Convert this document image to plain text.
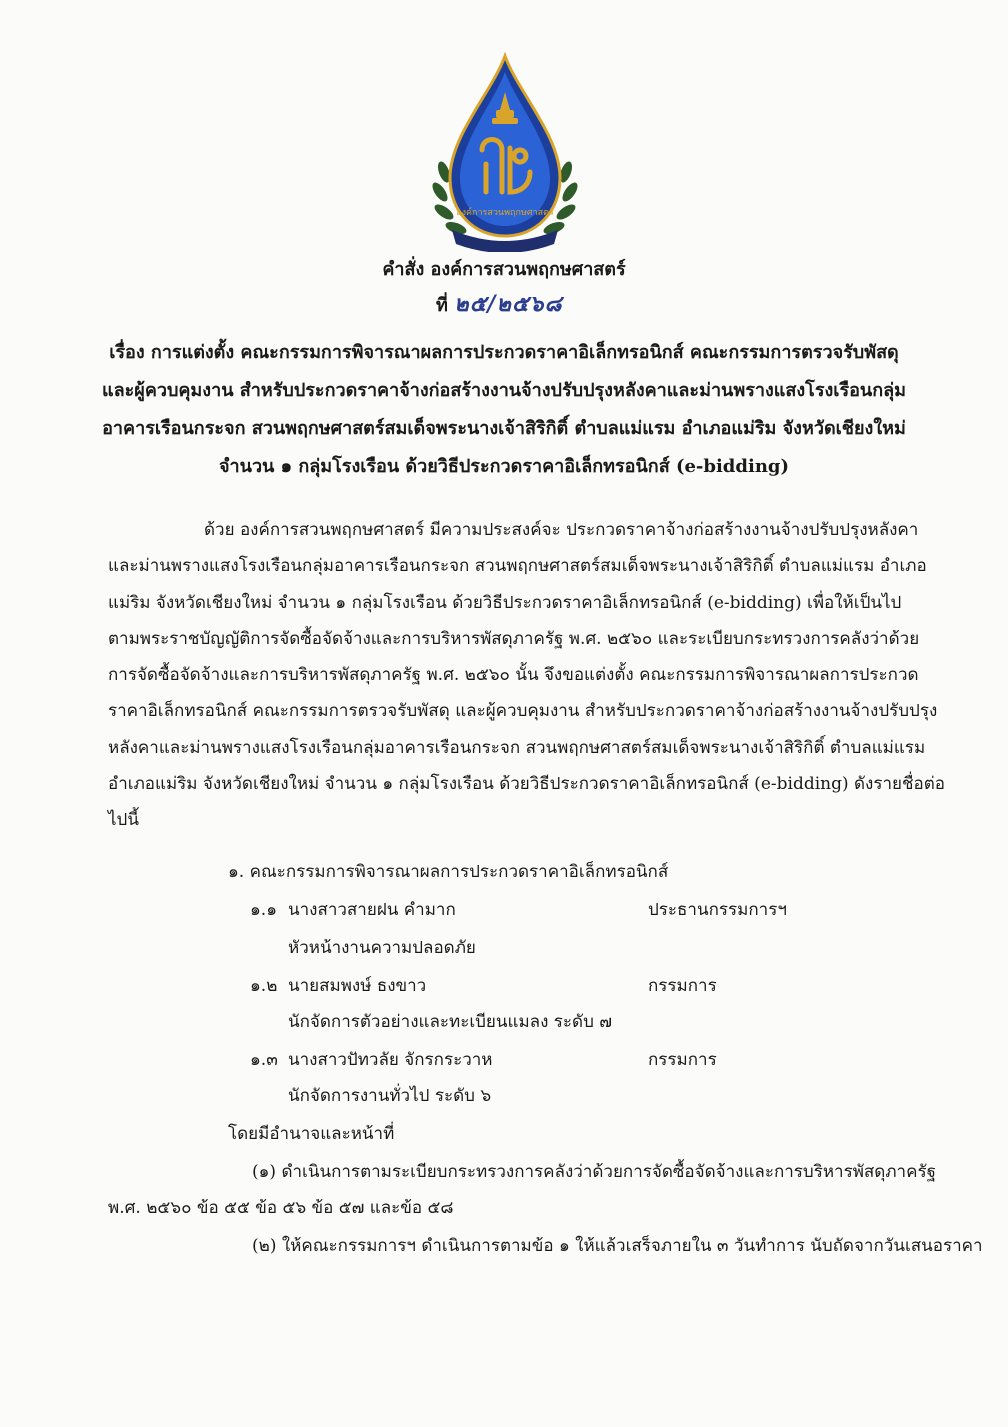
องค์การสวนพฤกษศาสตร์
คำสั่ง องค์การสวนพฤกษศาสตร์
ที่ ๒๕/๒๕๖๘
เรื่อง การแต่งตั้ง คณะกรรมการพิจารณาผลการประกวดราคาอิเล็กทรอนิกส์ คณะกรรมการตรวจรับพัสดุ
และผู้ควบคุมงาน สำหรับประกวดราคาจ้างก่อสร้างงานจ้างปรับปรุงหลังคาและม่านพรางแสงโรงเรือนกลุ่ม
อาคารเรือนกระจก สวนพฤกษศาสตร์สมเด็จพระนางเจ้าสิริกิติ์ ตำบลแม่แรม อำเภอแม่ริม จังหวัดเชียงใหม่
จำนวน ๑ กลุ่มโรงเรือน ด้วยวิธีประกวดราคาอิเล็กทรอนิกส์ (e-bidding)
ด้วย องค์การสวนพฤกษศาสตร์ มีความประสงค์จะ ประกวดราคาจ้างก่อสร้างงานจ้างปรับปรุงหลังคา
และม่านพรางแสงโรงเรือนกลุ่มอาคารเรือนกระจก สวนพฤกษศาสตร์สมเด็จพระนางเจ้าสิริกิติ์ ตำบลแม่แรม อำเภอ
แม่ริม จังหวัดเชียงใหม่ จำนวน ๑ กลุ่มโรงเรือน ด้วยวิธีประกวดราคาอิเล็กทรอนิกส์ (e-bidding) เพื่อให้เป็นไป
ตามพระราชบัญญัติการจัดซื้อจัดจ้างและการบริหารพัสดุภาครัฐ พ.ศ. ๒๕๖๐ และระเบียบกระทรวงการคลังว่าด้วย
การจัดซื้อจัดจ้างและการบริหารพัสดุภาครัฐ พ.ศ. ๒๕๖๐ นั้น จึงขอแต่งตั้ง คณะกรรมการพิจารณาผลการประกวด
ราคาอิเล็กทรอนิกส์ คณะกรรมการตรวจรับพัสดุ และผู้ควบคุมงาน สำหรับประกวดราคาจ้างก่อสร้างงานจ้างปรับปรุง
หลังคาและม่านพรางแสงโรงเรือนกลุ่มอาคารเรือนกระจก สวนพฤกษศาสตร์สมเด็จพระนางเจ้าสิริกิติ์ ตำบลแม่แรม
อำเภอแม่ริม จังหวัดเชียงใหม่ จำนวน ๑ กลุ่มโรงเรือน ด้วยวิธีประกวดราคาอิเล็กทรอนิกส์ (e-bidding) ดังรายชื่อต่อ
ไปนี้
๑. คณะกรรมการพิจารณาผลการประกวดราคาอิเล็กทรอนิกส์
๑.๑ นางสาวสายฝน คำมาก	ประธานกรรมการฯ
หัวหน้างานความปลอดภัย
๑.๒ นายสมพงษ์ ธงขาว	กรรมการ
นักจัดการตัวอย่างและทะเบียนแมลง ระดับ ๗
๑.๓ นางสาวปัทวลัย จักรกระวาห	กรรมการ
นักจัดการงานทั่วไป ระดับ ๖
โดยมีอำนาจและหน้าที่
(๑) ดำเนินการตามระเบียบกระทรวงการคลังว่าด้วยการจัดซื้อจัดจ้างและการบริหารพัสดุภาครัฐ
พ.ศ. ๒๕๖๐ ข้อ ๕๕ ข้อ ๕๖ ข้อ ๕๗ และข้อ ๕๘
(๒) ให้คณะกรรมการฯ ดำเนินการตามข้อ ๑ ให้แล้วเสร็จภายใน ๓ วันทำการ นับถัดจากวันเสนอราคา
